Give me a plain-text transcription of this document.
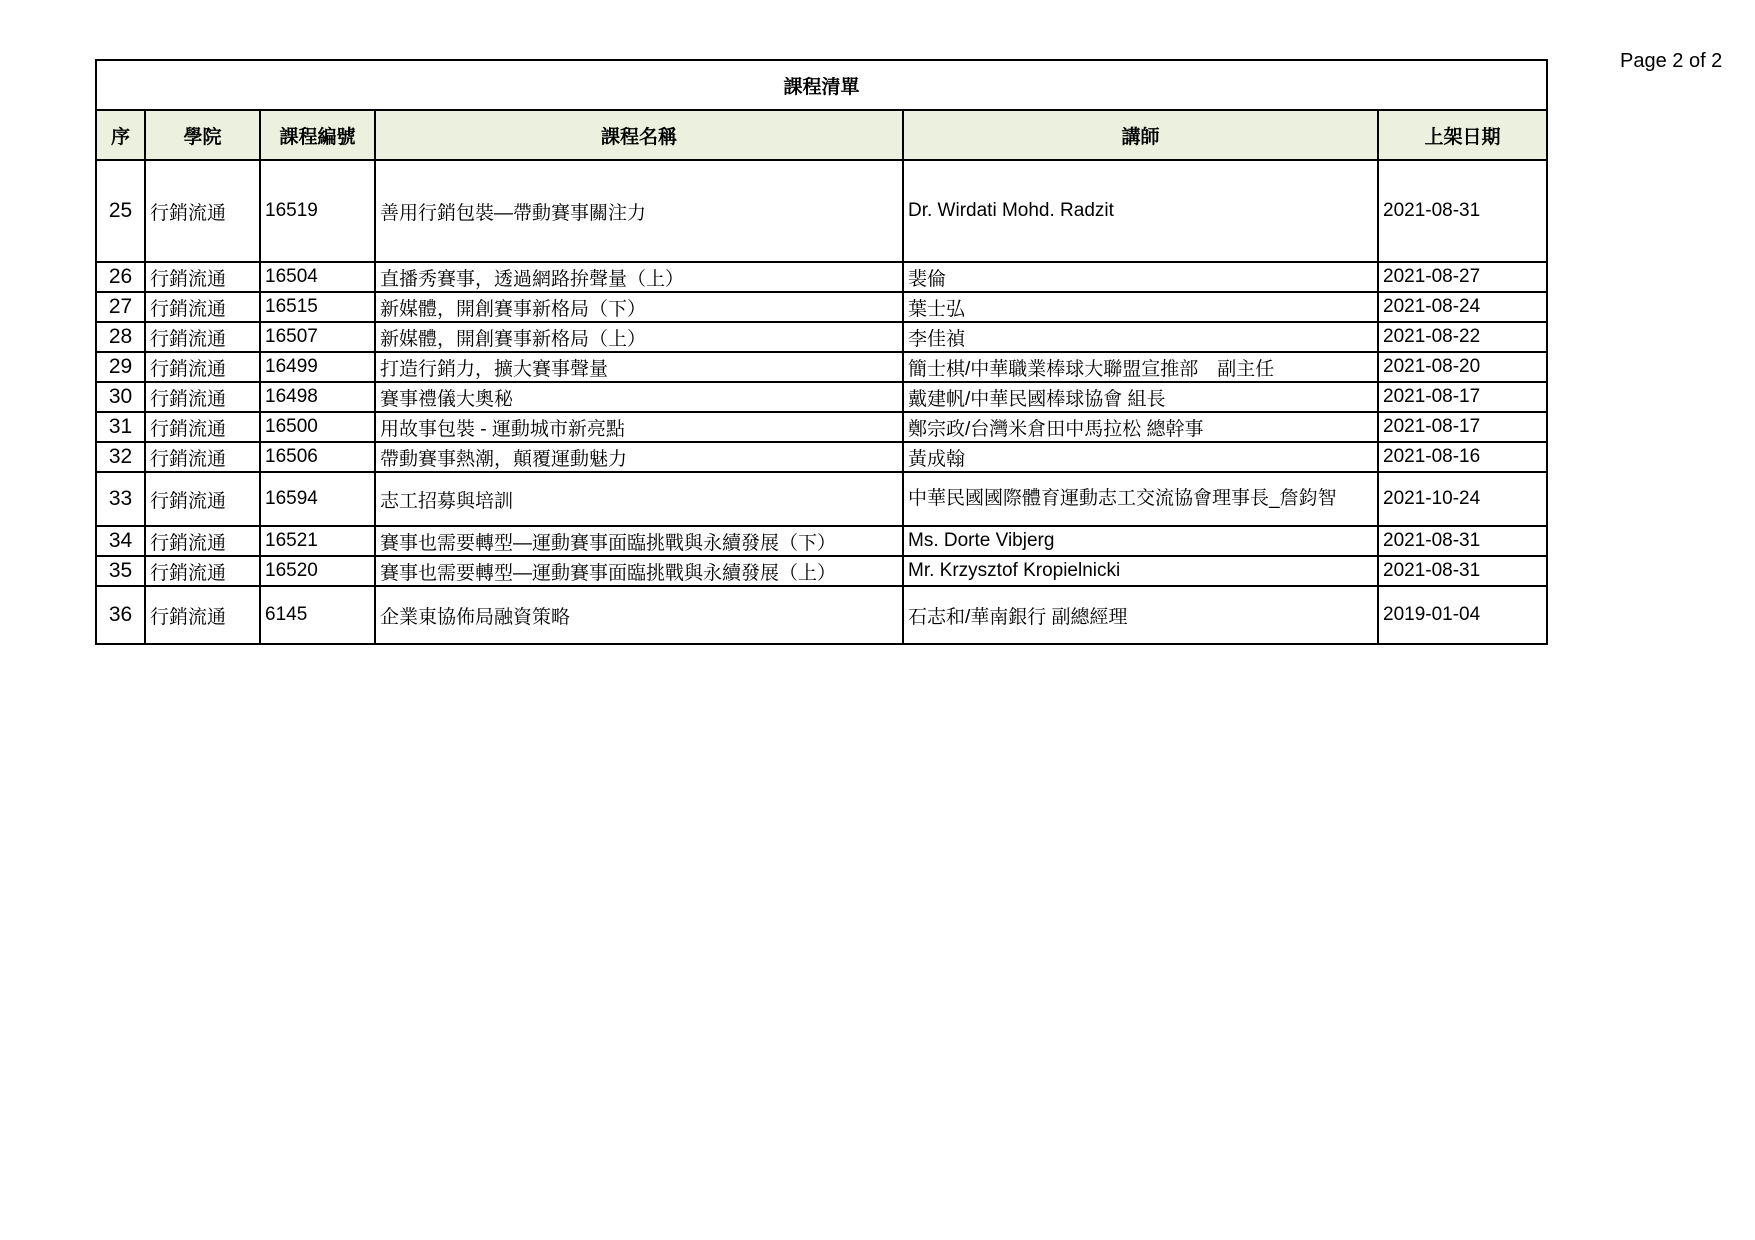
Page 2 of 2
課程清單					
序	學院	課程編號	課程名稱	講師	上架日期
25	行銷流通	16519	善用行銷包裝—帶動賽事關注力	Dr. Wirdati Mohd. Radzit	2021-08-31
26	行銷流通	16504	直播秀賽事，透過網路拚聲量（上）	裴倫	2021-08-27
27	行銷流通	16515	新媒體，開創賽事新格局（下）	葉士弘	2021-08-24
28	行銷流通	16507	新媒體，開創賽事新格局（上）	李佳禎	2021-08-22
29	行銷流通	16499	打造行銷力，擴大賽事聲量	簡士棋/中華職業棒球大聯盟宣推部　副主任	2021-08-20
30	行銷流通	16498	賽事禮儀大奧秘	戴建帆/中華民國棒球協會 組長	2021-08-17
31	行銷流通	16500	用故事包裝 - 運動城市新亮點	鄭宗政/台灣米倉田中馬拉松 總幹事	2021-08-17
32	行銷流通	16506	帶動賽事熱潮，顛覆運動魅力	黃成翰	2021-08-16
33	行銷流通	16594	志工招募與培訓	中華民國國際體育運動志工交流協會理事長_詹鈞智	2021-10-24
34	行銷流通	16521	賽事也需要轉型—運動賽事面臨挑戰與永續發展（下）	Ms. Dorte Vibjerg	2021-08-31
35	行銷流通	16520	賽事也需要轉型—運動賽事面臨挑戰與永續發展（上）	Mr. Krzysztof Kropielnicki	2021-08-31
36	行銷流通	6145	企業東協佈局融資策略	石志和/華南銀行 副總經理	2019-01-04
